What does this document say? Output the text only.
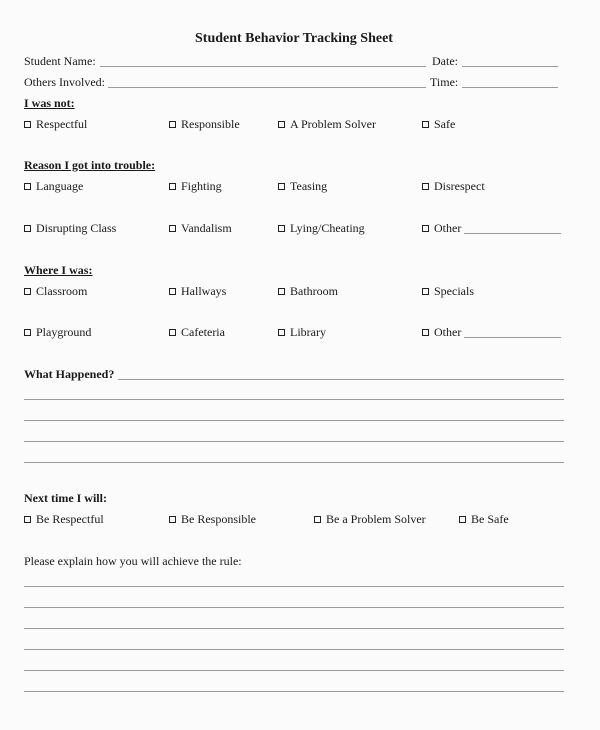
Student Behavior Tracking Sheet
Student Name:	Date:
Others Involved:	Time:
I was not:
Respectful	Responsible	A Problem Solver	Safe
Reason I got into trouble:
Language	Fighting	Teasing	Disrespect
Disrupting Class	Vandalism	Lying/Cheating	Other
Where I was:
Classroom	Hallways	Bathroom	Specials
Playground	Cafeteria	Library	Other
What Happened?
Next time I will:
Be Respectful	Be Responsible	Be a Problem Solver	Be Safe
Please explain how you will achieve the rule:
